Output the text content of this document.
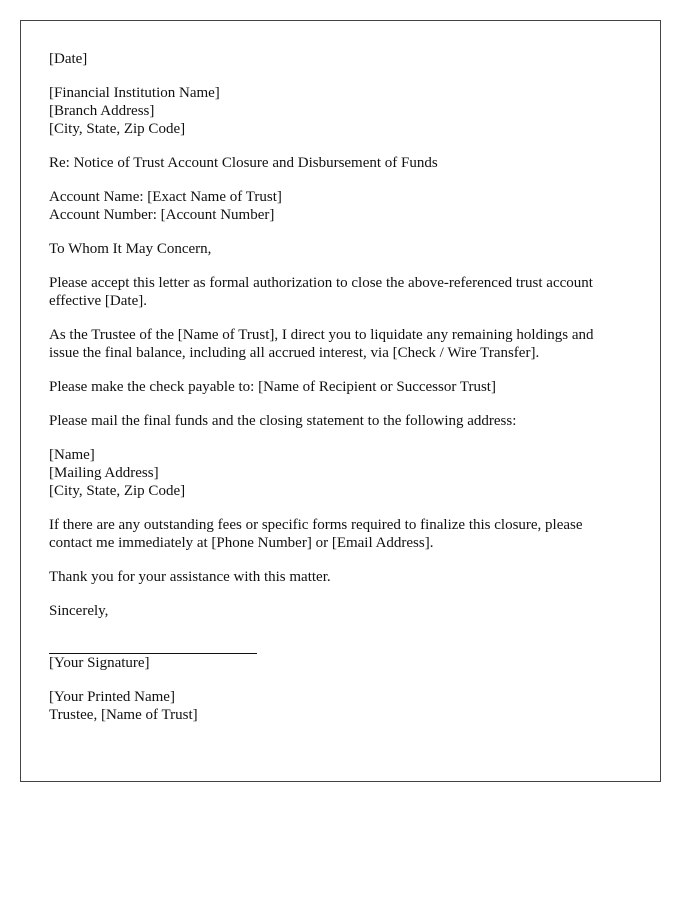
[Date]
[Financial Institution Name]
[Branch Address]
[City, State, Zip Code]
Re: Notice of Trust Account Closure and Disbursement of Funds
Account Name: [Exact Name of Trust]
Account Number: [Account Number]
To Whom It May Concern,
Please accept this letter as formal authorization to close the above-referenced trust account
effective [Date].
As the Trustee of the [Name of Trust], I direct you to liquidate any remaining holdings and
issue the final balance, including all accrued interest, via [Check / Wire Transfer].
Please make the check payable to: [Name of Recipient or Successor Trust]
Please mail the final funds and the closing statement to the following address:
[Name]
[Mailing Address]
[City, State, Zip Code]
If there are any outstanding fees or specific forms required to finalize this closure, please
contact me immediately at [Phone Number] or [Email Address].
Thank you for your assistance with this matter.
Sincerely,
[Your Signature]
[Your Printed Name]
Trustee, [Name of Trust]
